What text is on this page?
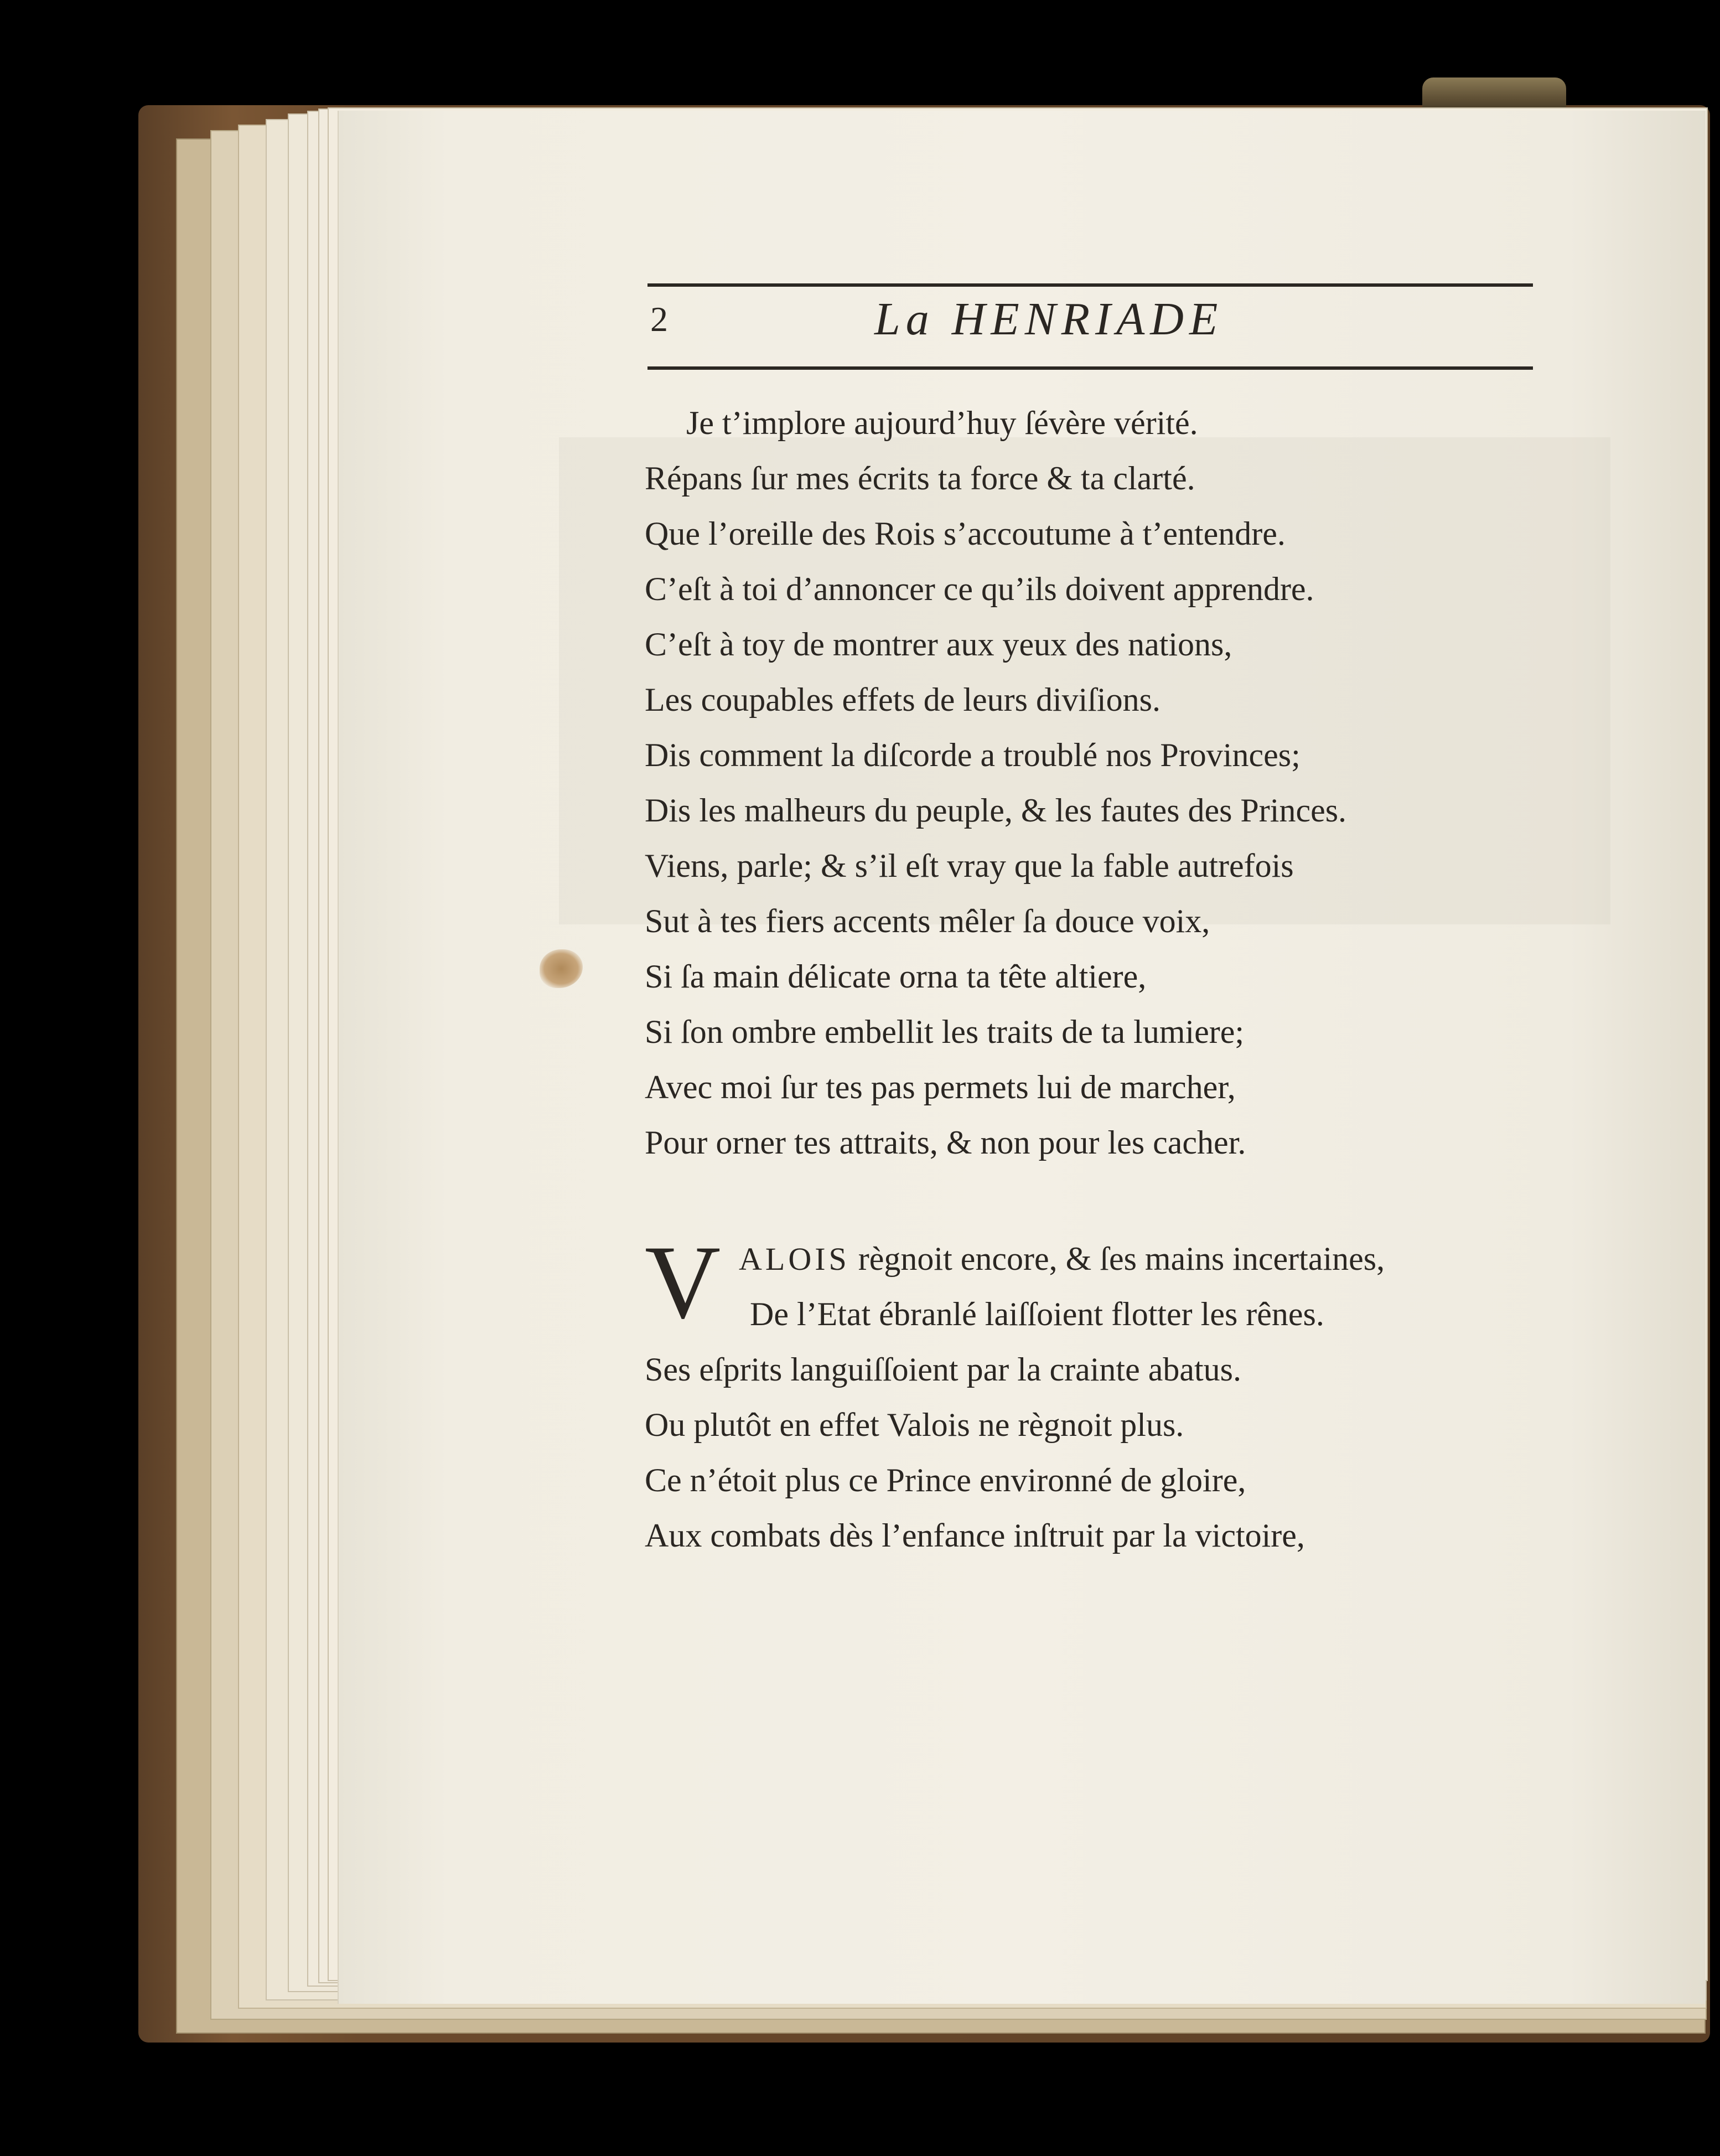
2	La HENRIADE
Je t’implore aujourd’huy ſévère vérité.
Répans ſur mes écrits ta force & ta clarté.
Que l’oreille des Rois s’accoutume à t’entendre.
C’eſt à toi d’annoncer ce qu’ils doivent apprendre.
C’eſt à toy de montrer aux yeux des nations,
Les coupables effets de leurs diviſions.
Dis comment la diſcorde a troublé nos Provinces;
Dis les malheurs du peuple, & les fautes des Princes.
Viens, parle; & s’il eſt vray que la fable autrefois
Sut à tes fiers accents mêler ſa douce voix,
Si ſa main délicate orna ta tête altiere,
Si ſon ombre embellit les traits de ta lumiere;
Avec moi ſur tes pas permets lui de marcher,
Pour orner tes attraits, & non pour les cacher.
V ALOIS règnoit encore, & ſes mains incertaines,
De l’Etat ébranlé laiſſoient flotter les rênes.
Ses eſprits languiſſoient par la crainte abatus.
Ou plutôt en effet Valois ne règnoit plus.
Ce n’étoit plus ce Prince environné de gloire,
Aux combats dès l’enfance inſtruit par la victoire,
